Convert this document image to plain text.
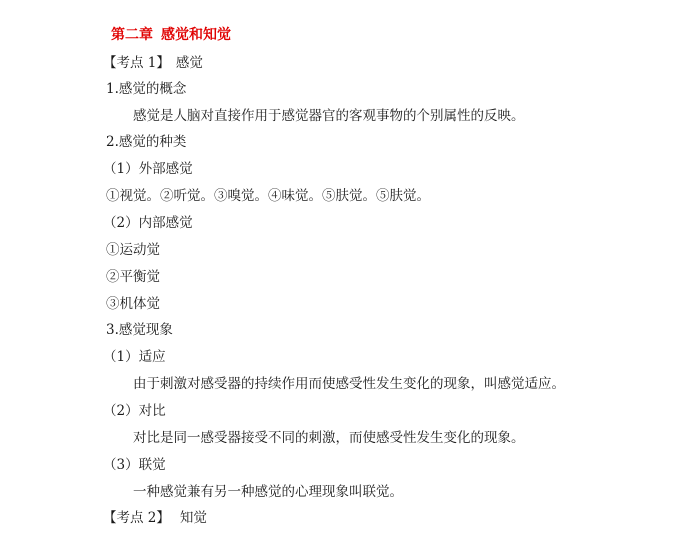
第二章 感觉和知觉
【考点 1】 感觉
1.感觉的概念
感觉是人脑对直接作用于感觉器官的客观事物的个别属性的反映。
2.感觉的种类
（1）外部感觉
①视觉。②听觉。③嗅觉。④味觉。⑤肤觉。⑤肤觉。
（2）内部感觉
①运动觉
②平衡觉
③机体觉
3.感觉现象
（1）适应
由于刺激对感受器的持续作用而使感受性发生变化的现象，叫感觉适应。
（2）对比
对比是同一感受器接受不同的刺激，而使感受性发生变化的现象。
（3）联觉
一种感觉兼有另一种感觉的心理现象叫联觉。
【考点 2】 知觉
